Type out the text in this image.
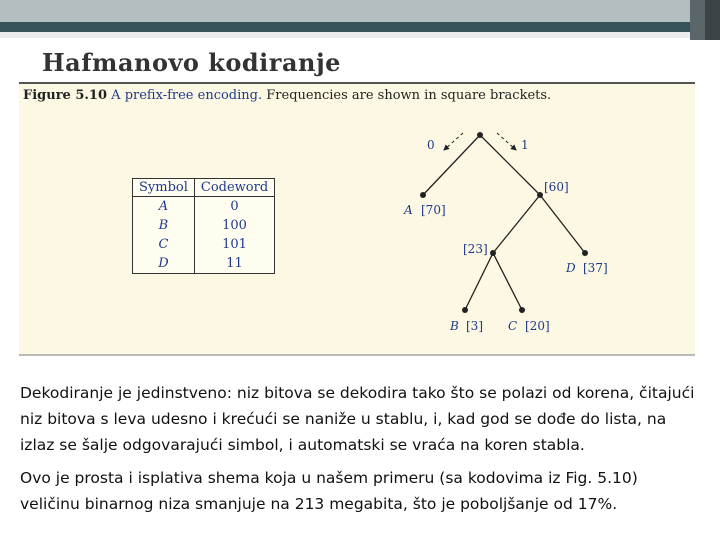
Hafmanovo kodiranje
Figure 5.10 A prefix-free encoding. Frequencies are shown in square brackets.
Symbol	Codeword
A	0
B	100
C	101
D	11
0	1
[60]
[23]
A [70]
D [37]
B [3] C [20]

Dekodiranje je jedinstveno: niz bitova se dekodira tako što se polazi od korena, čitajući niz bitova s leva udesno i krećući se naniže u stablu, i, kad god se dođe do lista, na izlaz se šalje odgovarajući simbol, i automatski se vraća na koren stabla.

Ovo je prosta i isplativa shema koja u našem primeru (sa kodovima iz Fig. 5.10) veličinu binarnog niza smanjuje na 213 megabita, što je poboljšanje od 17%.
